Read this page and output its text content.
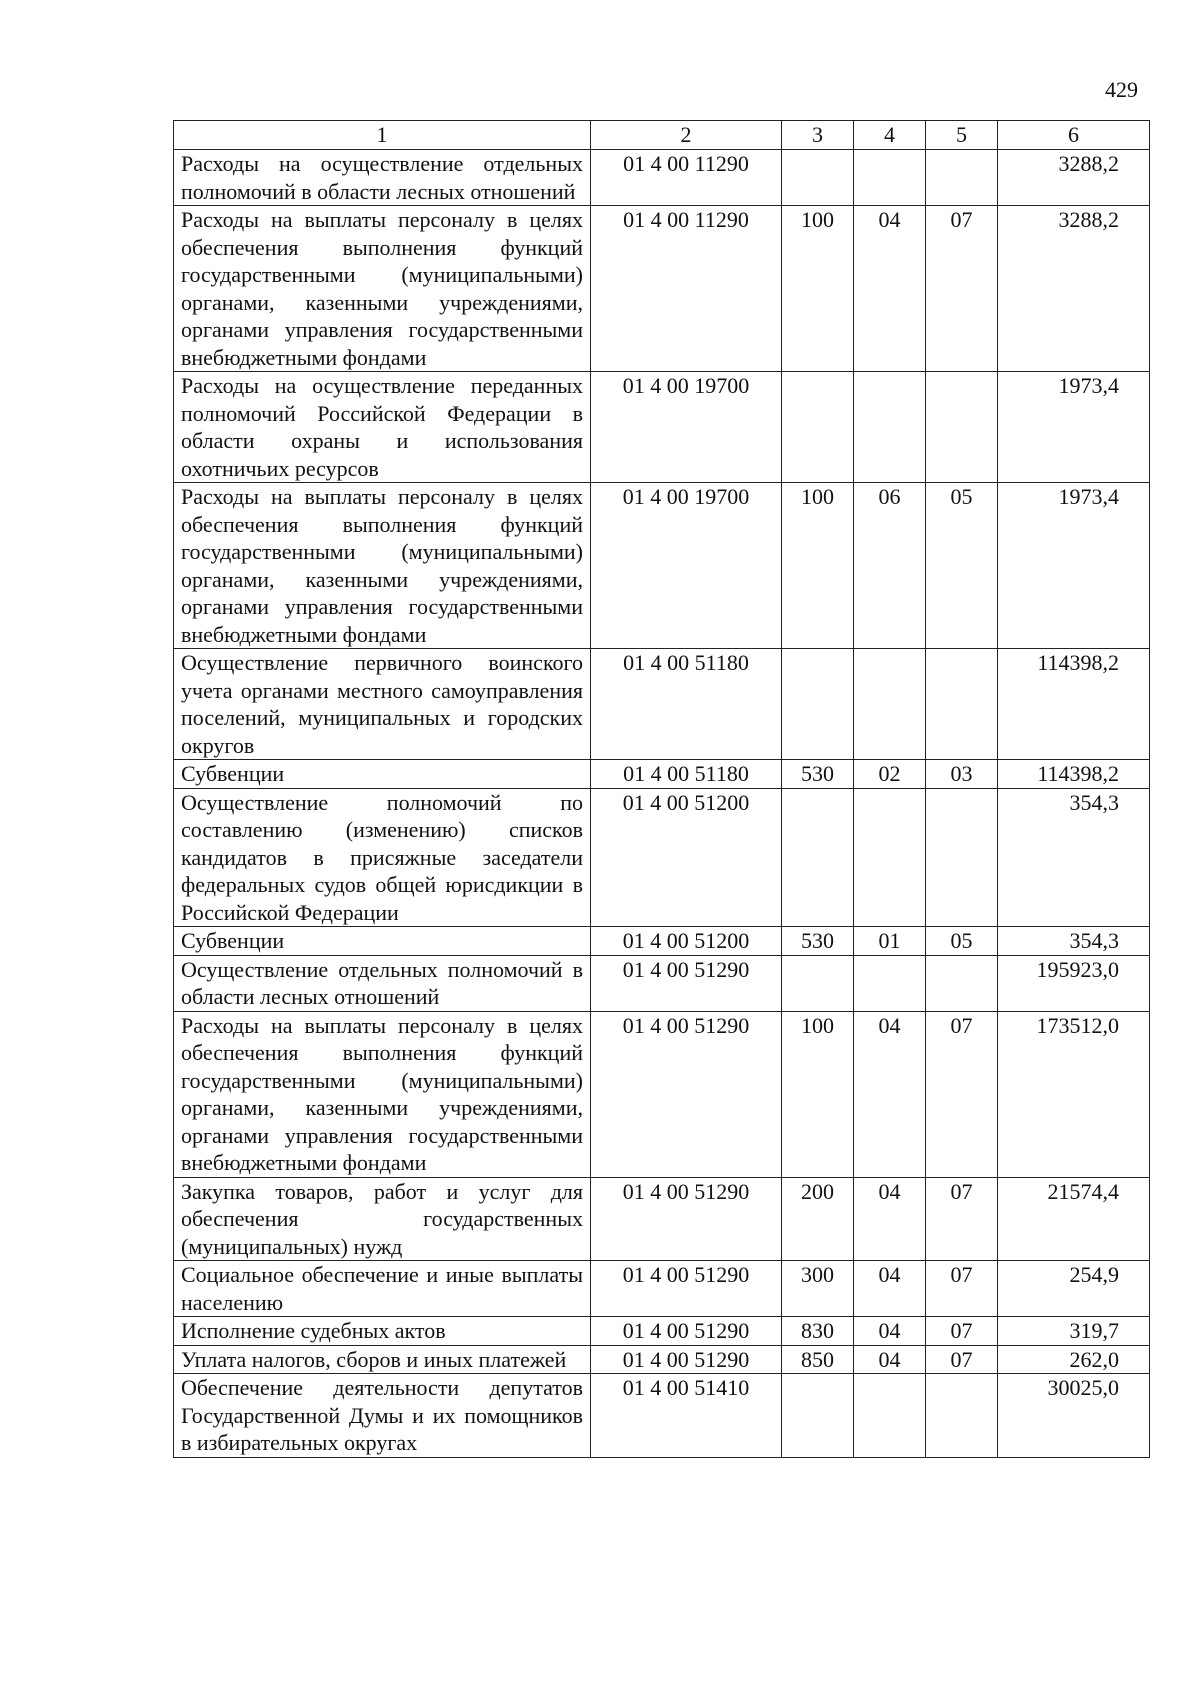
429
1	2	3	4	5	6
Расходы на осуществление отдельных полномочий в области лесных отношений	01 4 00 11290				3288,2
Расходы на выплаты персоналу в целях обеспечения выполнения функций государственными (муниципальными) органами, казенными учреждениями, органами управления государственными внебюджетными фондами	01 4 00 11290	100	04	07	3288,2
Расходы на осуществление переданных полномочий Российской Федерации в области охраны и использования охотничьих ресурсов	01 4 00 19700				1973,4
Расходы на выплаты персоналу в целях обеспечения выполнения функций государственными (муниципальными) органами, казенными учреждениями, органами управления государственными внебюджетными фондами	01 4 00 19700	100	06	05	1973,4
Осуществление первичного воинского учета органами местного самоуправления поселений, муниципальных и городских округов	01 4 00 51180				114398,2
Субвенции	01 4 00 51180	530	02	03	114398,2
Осуществление полномочий по составлению (изменению) списков кандидатов в присяжные заседатели федеральных судов общей юрисдикции в Российской Федерации	01 4 00 51200				354,3
Субвенции	01 4 00 51200	530	01	05	354,3
Осуществление отдельных полномочий в области лесных отношений	01 4 00 51290				195923,0
Расходы на выплаты персоналу в целях обеспечения выполнения функций государственными (муниципальными) органами, казенными учреждениями, органами управления государственными внебюджетными фондами	01 4 00 51290	100	04	07	173512,0
Закупка товаров, работ и услуг для обеспечения государственных (муниципальных) нужд	01 4 00 51290	200	04	07	21574,4
Социальное обеспечение и иные выплаты населению	01 4 00 51290	300	04	07	254,9
Исполнение судебных актов	01 4 00 51290	830	04	07	319,7
Уплата налогов, сборов и иных платежей	01 4 00 51290	850	04	07	262,0
Обеспечение деятельности депутатов Государственной Думы и их помощников в избирательных округах	01 4 00 51410				30025,0
